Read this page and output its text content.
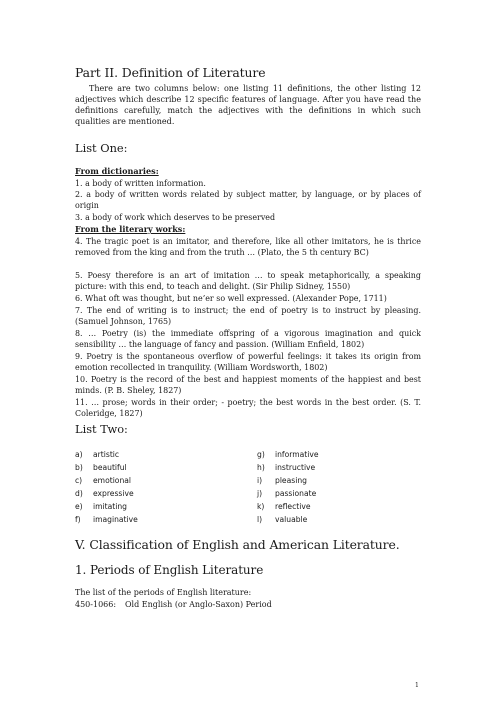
Part II. Definition of Literature
There are two columns below: one listing 11 definitions, the other listing 12 adjectives which describe 12 specific features of language. After you have read the definitions carefully, match the adjectives with the definitions in which such qualities are mentioned.
List One:
From dictionaries:
1. a body of written information.
2. a body of written words related by subject matter, by language, or by places of origin
3. a body of work which deserves to be preserved
From the literary works:
4. The tragic poet is an imitator, and therefore, like all other imitators, he is thrice removed from the king and from the truth … (Plato, the 5 th century BC)
5. Poesy therefore is an art of imitation … to speak metaphorically, a speaking picture: with this end, to teach and delight. (Sir Philip Sidney, 1550)
6. What oft was thought, but ne’er so well expressed. (Alexander Pope, 1711)
7. The end of writing is to instruct; the end of poetry is to instruct by pleasing. (Samuel Johnson, 1765)
8. … Poetry (is) the immediate offspring of a vigorous imagination and quick sensibility … the language of fancy and passion. (William Enfield, 1802)
9. Poetry is the spontaneous overflow of powerful feelings: it takes its origin from emotion recollected in tranquility. (William Wordsworth, 1802)
10. Poetry is the record of the best and happiest moments of the happiest and best minds. (P. B. Sheley, 1827)
11. … prose; words in their order; - poetry; the best words in the best order. (S. T. Coleridge, 1827)
List Two:
a) artistic
b) beautiful
c) emotional
d) expressive
e) imitating
f) imaginative
g) informative
h) instructive
i) pleasing
j) passionate
k) reflective
l) valuable
V. Classification of English and American Literature.
1. Periods of English Literature
The list of the periods of English literature:
450-1066: Old English (or Anglo-Saxon) Period
1
